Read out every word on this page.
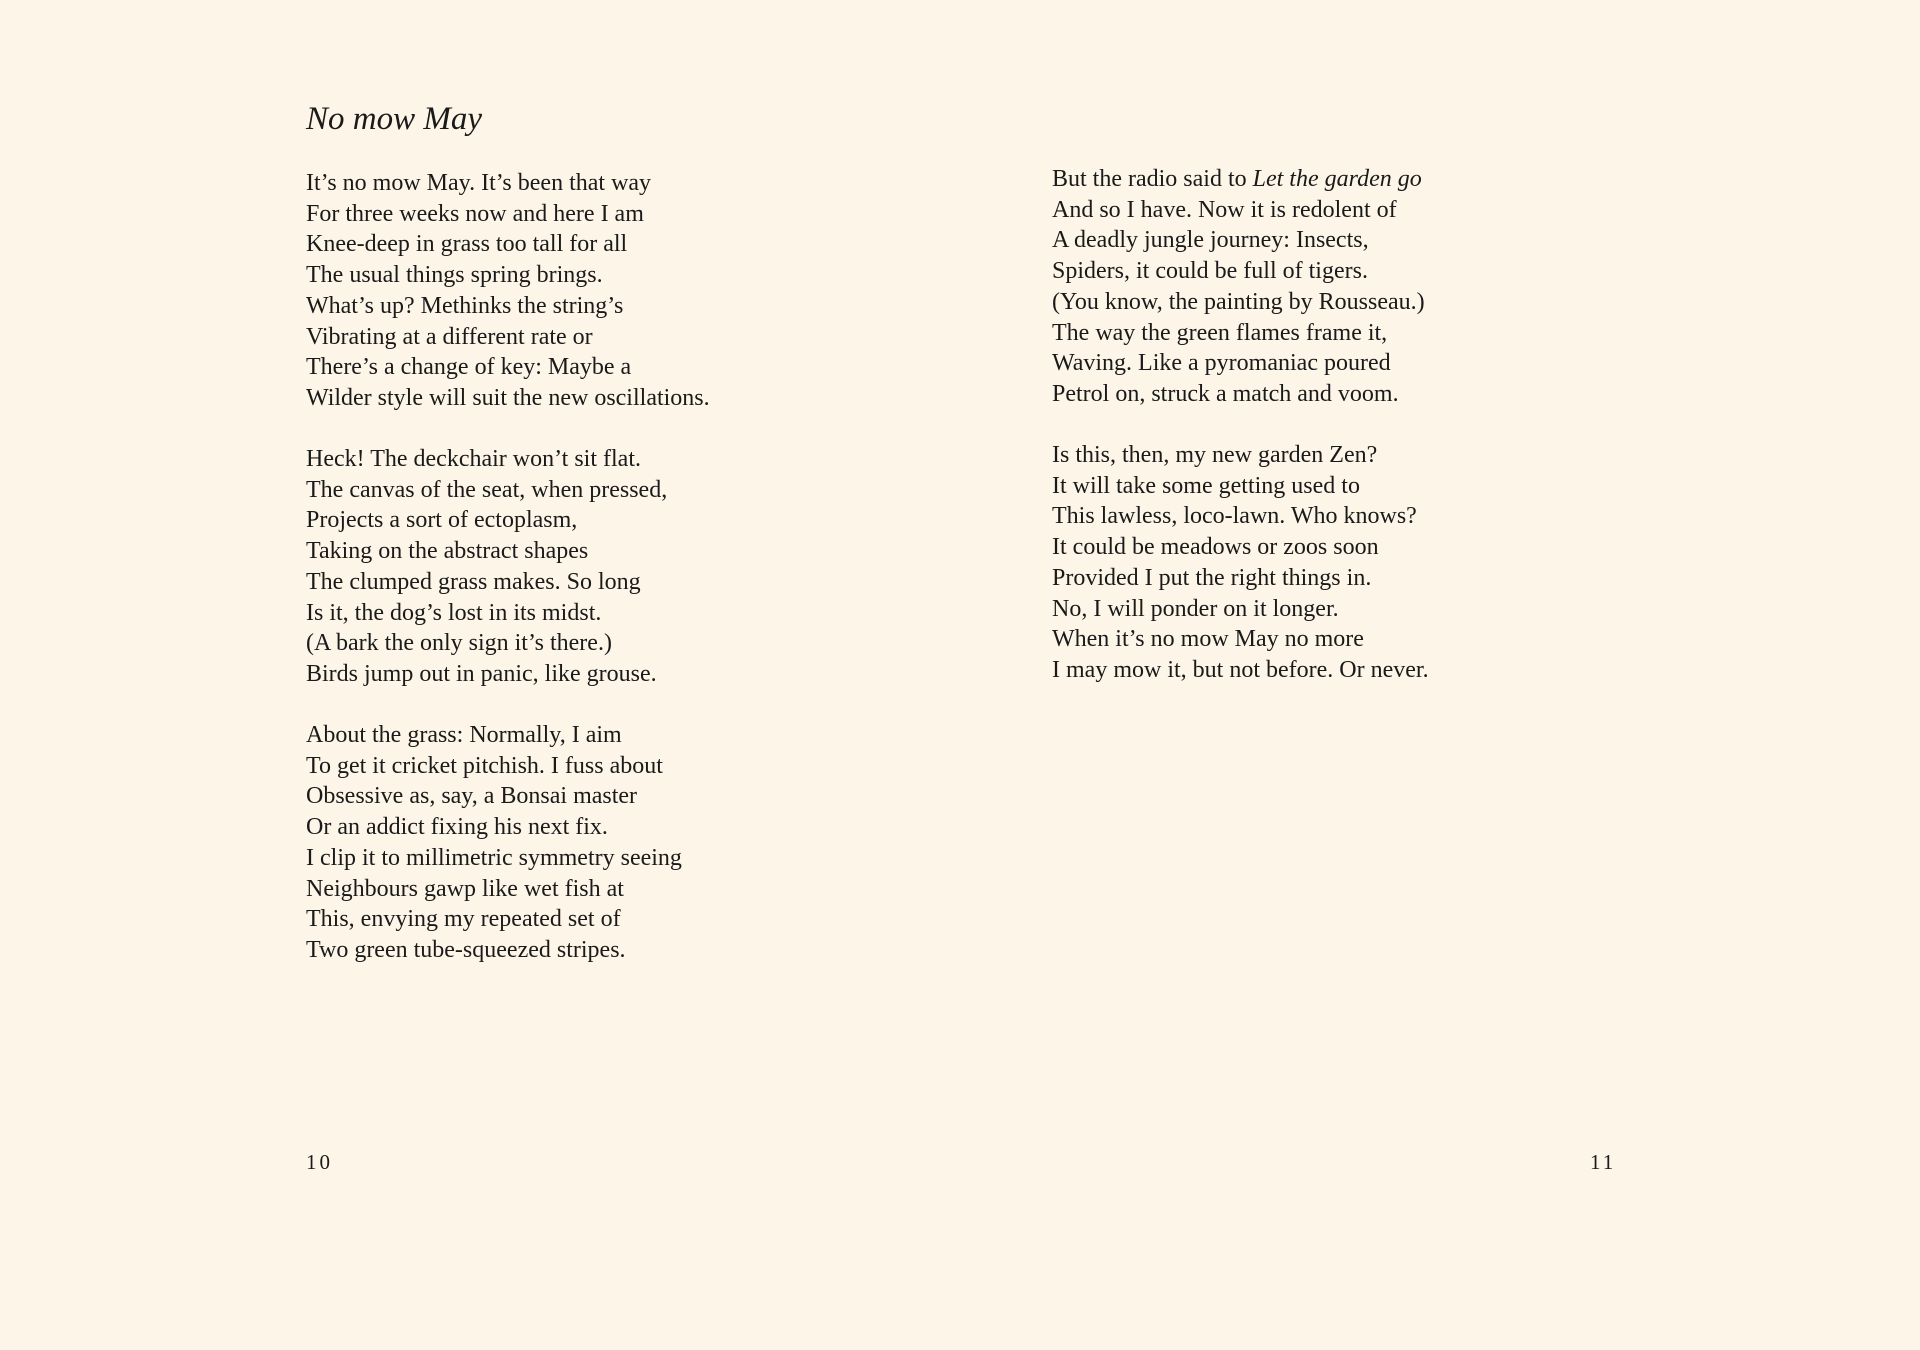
No mow May

It’s no mow May. It’s been that way
For three weeks now and here I am
Knee-deep in grass too tall for all
The usual things spring brings.
What’s up? Methinks the string’s
Vibrating at a different rate or
There’s a change of key: Maybe a
Wilder style will suit the new oscillations.

Heck! The deckchair won’t sit flat.
The canvas of the seat, when pressed,
Projects a sort of ectoplasm,
Taking on the abstract shapes
The clumped grass makes. So long
Is it, the dog’s lost in its midst.
(A bark the only sign it’s there.)
Birds jump out in panic, like grouse.

About the grass: Normally, I aim
To get it cricket pitchish. I fuss about
Obsessive as, say, a Bonsai master
Or an addict fixing his next fix.
I clip it to millimetric symmetry seeing
Neighbours gawp like wet fish at
This, envying my repeated set of
Two green tube-squeezed stripes.

10

But the radio said to Let the garden go
And so I have. Now it is redolent of
A deadly jungle journey: Insects,
Spiders, it could be full of tigers.
(You know, the painting by Rousseau.)
The way the green flames frame it,
Waving. Like a pyromaniac poured
Petrol on, struck a match and voom.

Is this, then, my new garden Zen?
It will take some getting used to
This lawless, loco-lawn. Who knows?
It could be meadows or zoos soon
Provided I put the right things in.
No, I will ponder on it longer.
When it’s no mow May no more
I may mow it, but not before. Or never.

11
